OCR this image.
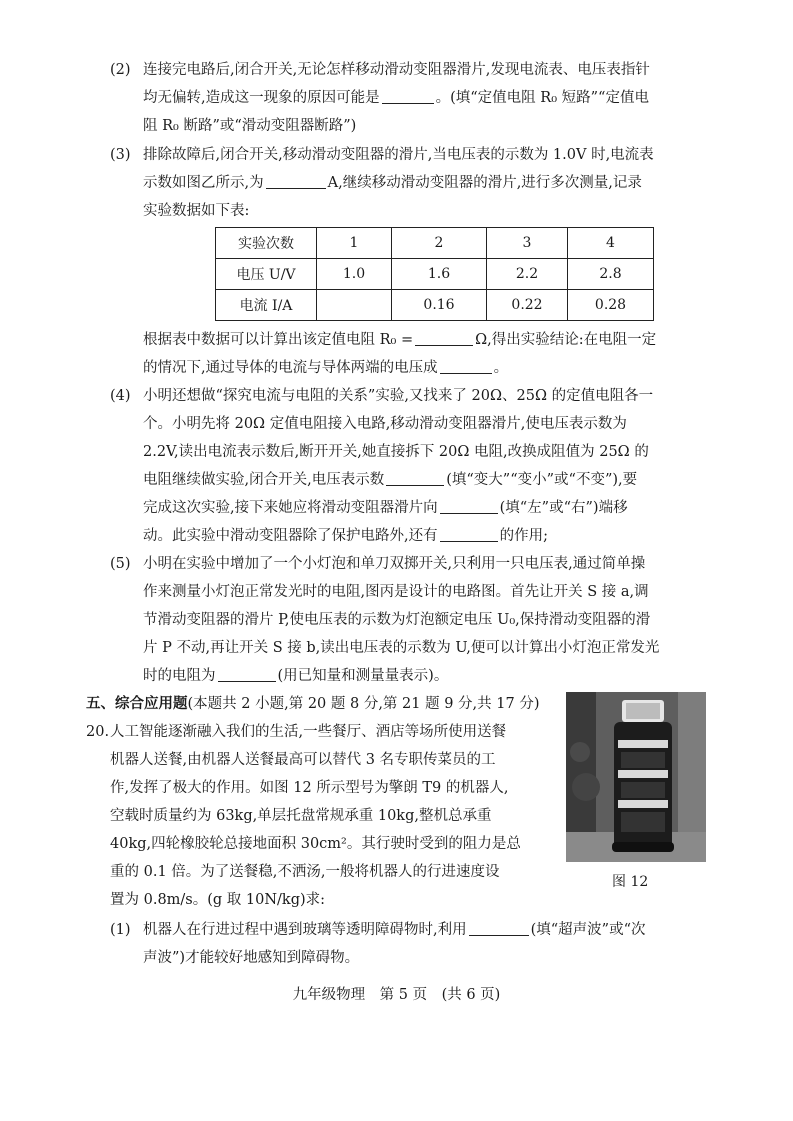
(2) 连接完电路后,闭合开关,无论怎样移动滑动变阻器滑片,发现电流表、电压表指针
均无偏转,造成这一现象的原因可能是	。(填“定值电阻 R₀ 短路”“定值电
阻 R₀ 断路”或“滑动变阻器断路”)
(3) 排除故障后,闭合开关,移动滑动变阻器的滑片,当电压表的示数为 1.0V 时,电流表
示数如图乙所示,为	A,继续移动滑动变阻器的滑片,进行多次测量,记录
实验数据如下表:
实验次数	1	2	3	4
电压 U/V	1.0	1.6	2.2	2.8
电流 I/A		0.16	0.22	0.28
根据表中数据可以计算出该定值电阻 R₀ =	Ω,得出实验结论:在电阻一定
的情况下,通过导体的电流与导体两端的电压成	。
(4) 小明还想做“探究电流与电阻的关系”实验,又找来了 20Ω、25Ω 的定值电阻各一
个。小明先将 20Ω 定值电阻接入电路,移动滑动变阻器滑片,使电压表示数为
2.2V,读出电流表示数后,断开开关,她直接拆下 20Ω 电阻,改换成阻值为 25Ω 的
电阻继续做实验,闭合开关,电压表示数	(填“变大”“变小”或“不变”),要
完成这次实验,接下来她应将滑动变阻器滑片向	(填“左”或“右”)端移
动。此实验中滑动变阻器除了保护电路外,还有	的作用;
(5) 小明在实验中增加了一个小灯泡和单刀双掷开关,只利用一只电压表,通过简单操
作来测量小灯泡正常发光时的电阻,图丙是设计的电路图。首先让开关 S 接 a,调
节滑动变阻器的滑片 P,使电压表的示数为灯泡额定电压 U₀,保持滑动变阻器的滑
片 P 不动,再让开关 S 接 b,读出电压表的示数为 U,便可以计算出小灯泡正常发光
时的电阻为	(用已知量和测量量表示)。
五、综合应用题(本题共 2 小题,第 20 题 8 分,第 21 题 9 分,共 17 分)
20. 人工智能逐渐融入我们的生活,一些餐厅、酒店等场所使用送餐
机器人送餐,由机器人送餐最高可以替代 3 名专职传菜员的工
作,发挥了极大的作用。如图 12 所示型号为擎朗 T9 的机器人,
空载时质量约为 63kg,单层托盘常规承重 10kg,整机总承重
40kg,四轮橡胶轮总接地面积 30cm²。其行驶时受到的阻力是总
重的 0.1 倍。为了送餐稳,不洒汤,一般将机器人的行进速度设
置为 0.8m/s。(g 取 10N/kg)求:
图 12
(1) 机器人在行进过程中遇到玻璃等透明障碍物时,利用	(填“超声波”或“次
声波”)才能较好地感知到障碍物。
九年级物理　第 5 页　(共 6 页)
